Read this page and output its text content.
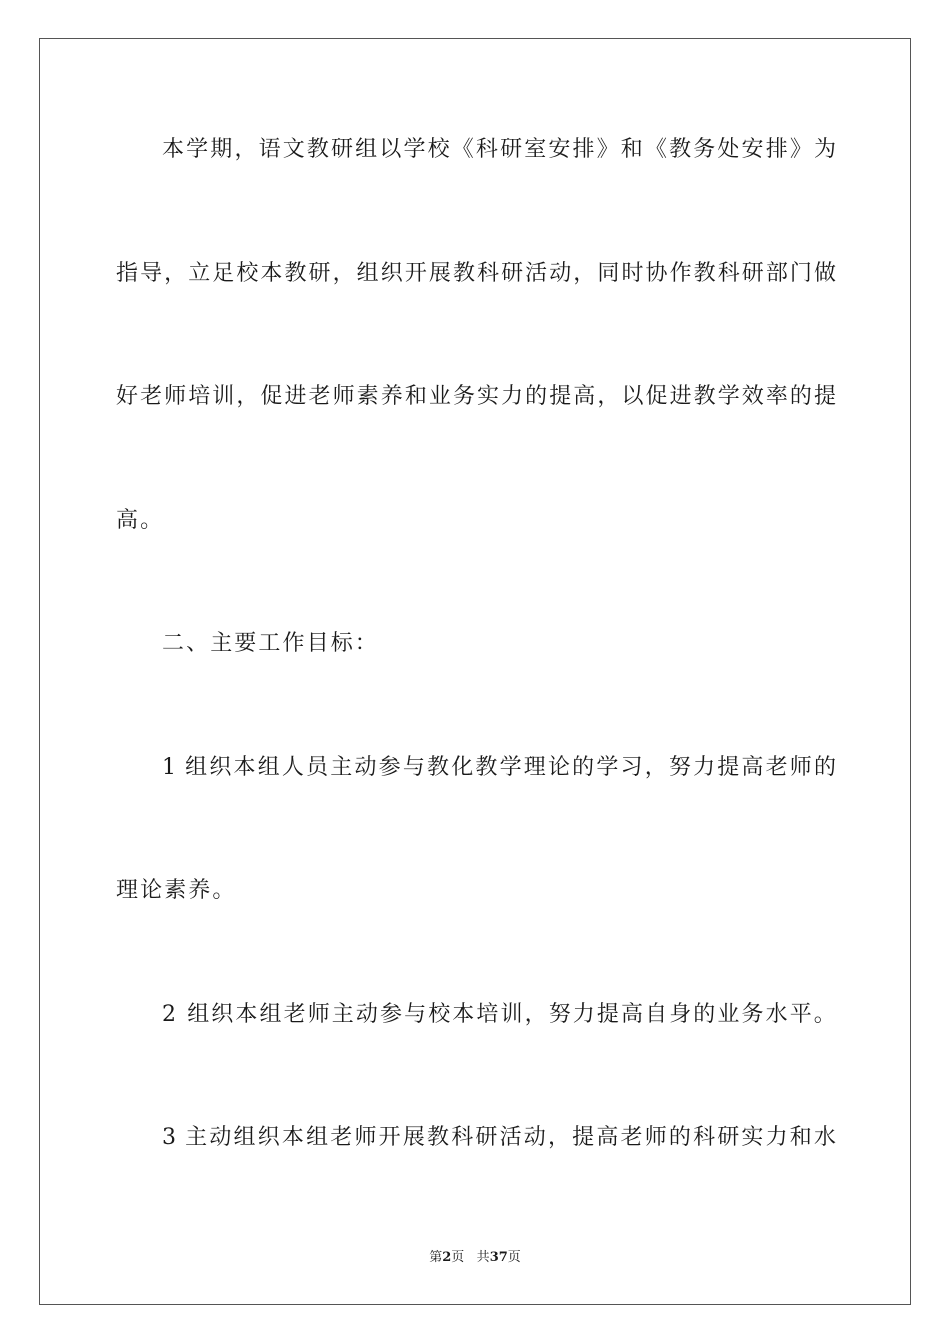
本学期，语文教研组以学校《科研室安排》和《教务处安排》为
指导，立足校本教研，组织开展教科研活动，同时协作教科研部门做
好老师培训，促进老师素养和业务实力的提高，以促进教学效率的提
高。
二、主要工作目标：
1 组织本组人员主动参与教化教学理论的学习，努力提高老师的
理论素养。
2 组织本组老师主动参与校本培训，努力提高自身的业务水平。
3 主动组织本组老师开展教科研活动，提高老师的科研实力和水
第2页 共37页
